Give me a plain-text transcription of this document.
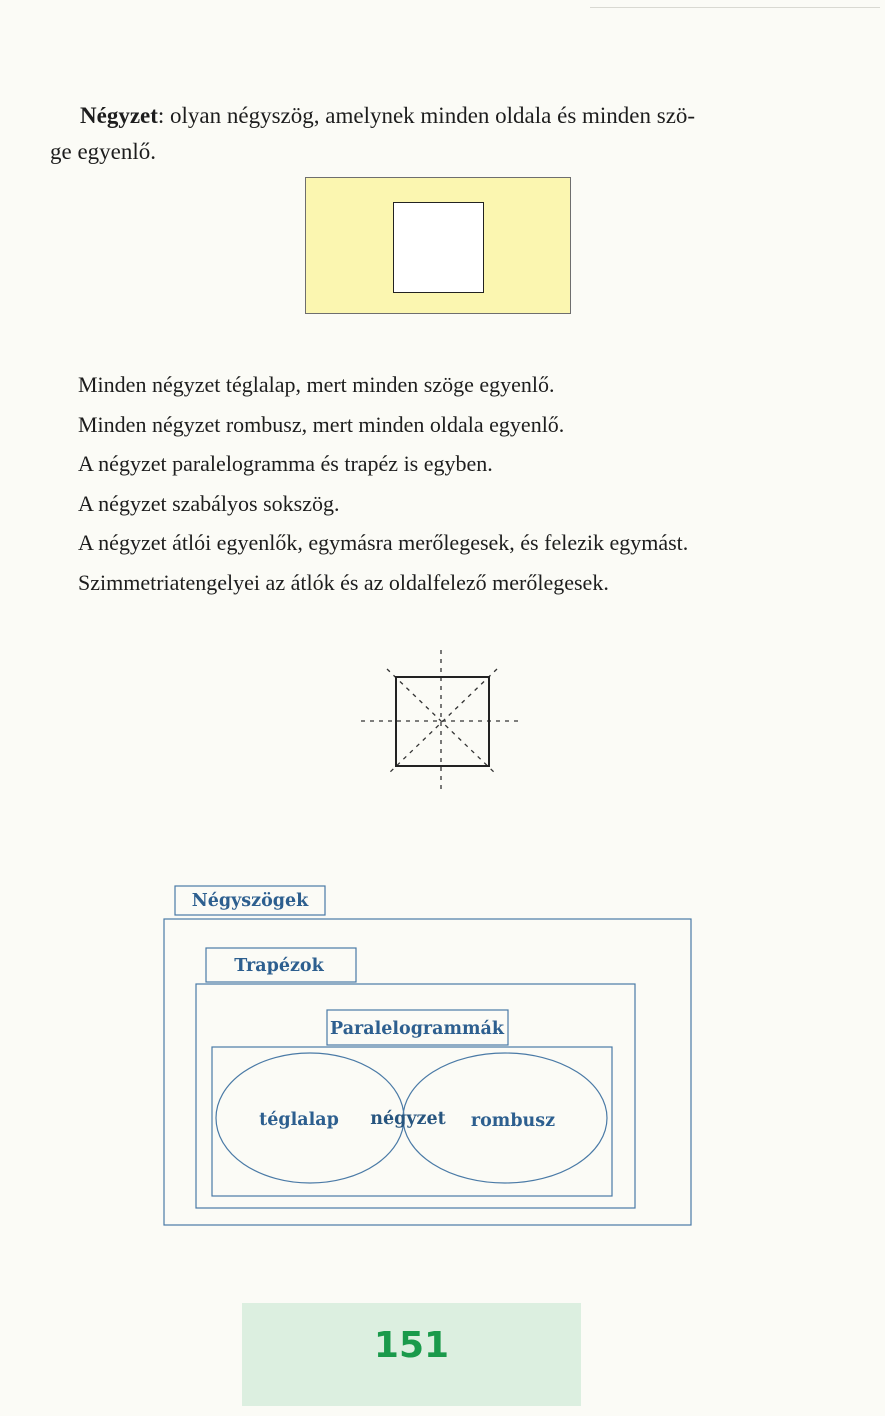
Négyzet: olyan négyszög, amelynek minden oldala és minden szö-
ge egyenlő.

Minden négyzet téglalap, mert minden szöge egyenlő.
Minden négyzet rombusz, mert minden oldala egyenlő.
A négyzet paralelogramma és trapéz is egyben.
A négyzet szabályos sokszög.
A négyzet átlói egyenlők, egymásra merőlegesek, és felezik egymást.
Szimmetriatengelyei az átlók és az oldalfelező merőlegesek.
Négyszögek
Trapézok
Paralelogrammák
téglalap négyzet rombusz
151
